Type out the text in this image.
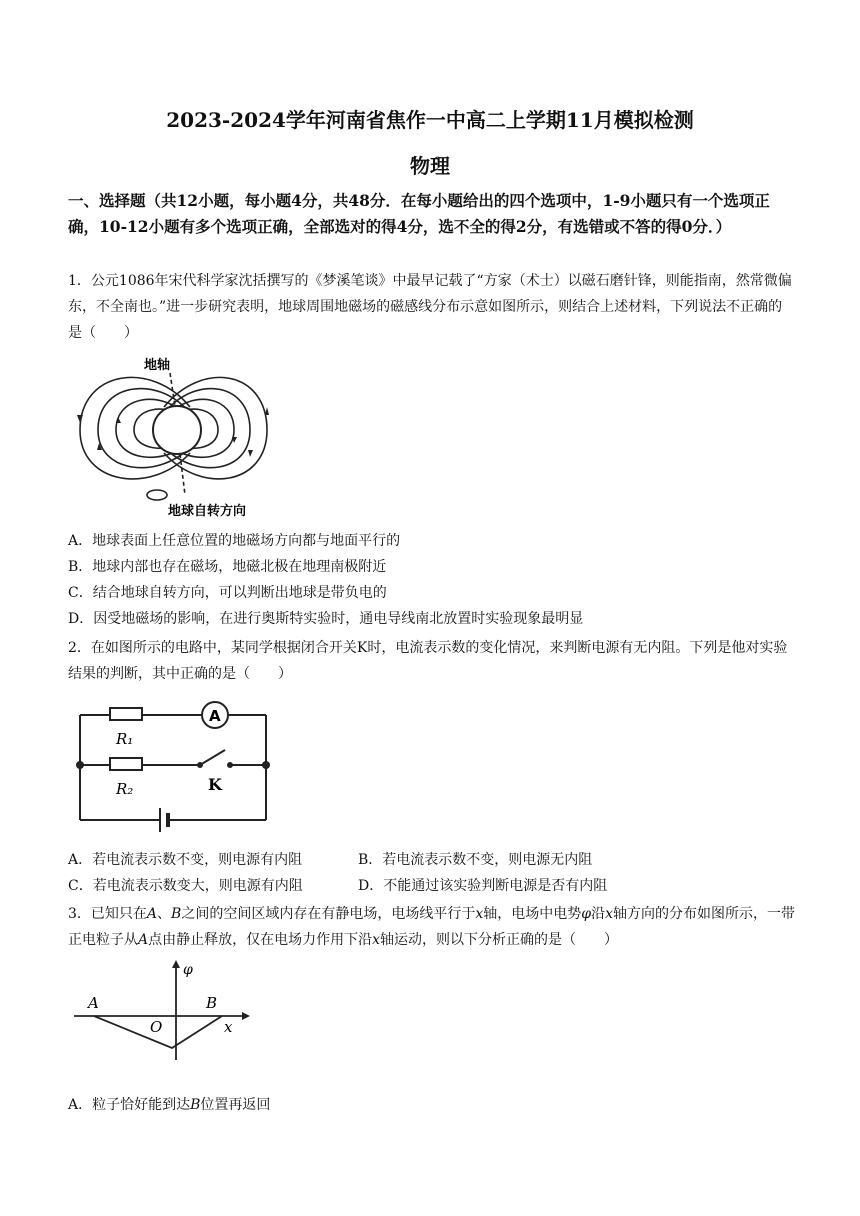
2023-2024学年河南省焦作一中高二上学期11月模拟检测
物理
一、选择题（共12小题，每小题4分，共48分．在每小题给出的四个选项中，1-9小题只有一个选项正确，10-12小题有多个选项正确，全部选对的得4分，选不全的得2分，有选错或不答的得0分．）
1．公元1086年宋代科学家沈括撰写的《梦溪笔谈》中最早记载了“方家（术士）以磁石磨针锋，则能指南，然常微偏东，不全南也。”进一步研究表明，地球周围地磁场的磁感线分布示意如图所示，则结合上述材料，下列说法不正确的是（　　）
地轴
地球自转方向
A．地球表面上任意位置的地磁场方向都与地面平行的
B．地球内部也存在磁场，地磁北极在地理南极附近
C．结合地球自转方向，可以判断出地球是带负电的
D．因受地磁场的影响，在进行奥斯特实验时，通电导线南北放置时实验现象最明显
2．在如图所示的电路中，某同学根据闭合开关K时，电流表示数的变化情况，来判断电源有无内阻。下列是他对实验结果的判断，其中正确的是（　　）
A
R₁
R₂	K
A．若电流表示数不变，则电源有内阻	B．若电流表示数不变，则电源无内阻
C．若电流表示数变大，则电源有内阻	D．不能通过该实验判断电源是否有内阻
3．已知只在A、B之间的空间区域内存在有静电场，电场线平行于x轴，电场中电势φ沿x轴方向的分布如图所示，一带正电粒子从A点由静止释放，仅在电场力作用下沿x轴运动，则以下分析正确的是（　　）
φ
A	B
O	x
A．粒子恰好能到达B位置再返回
